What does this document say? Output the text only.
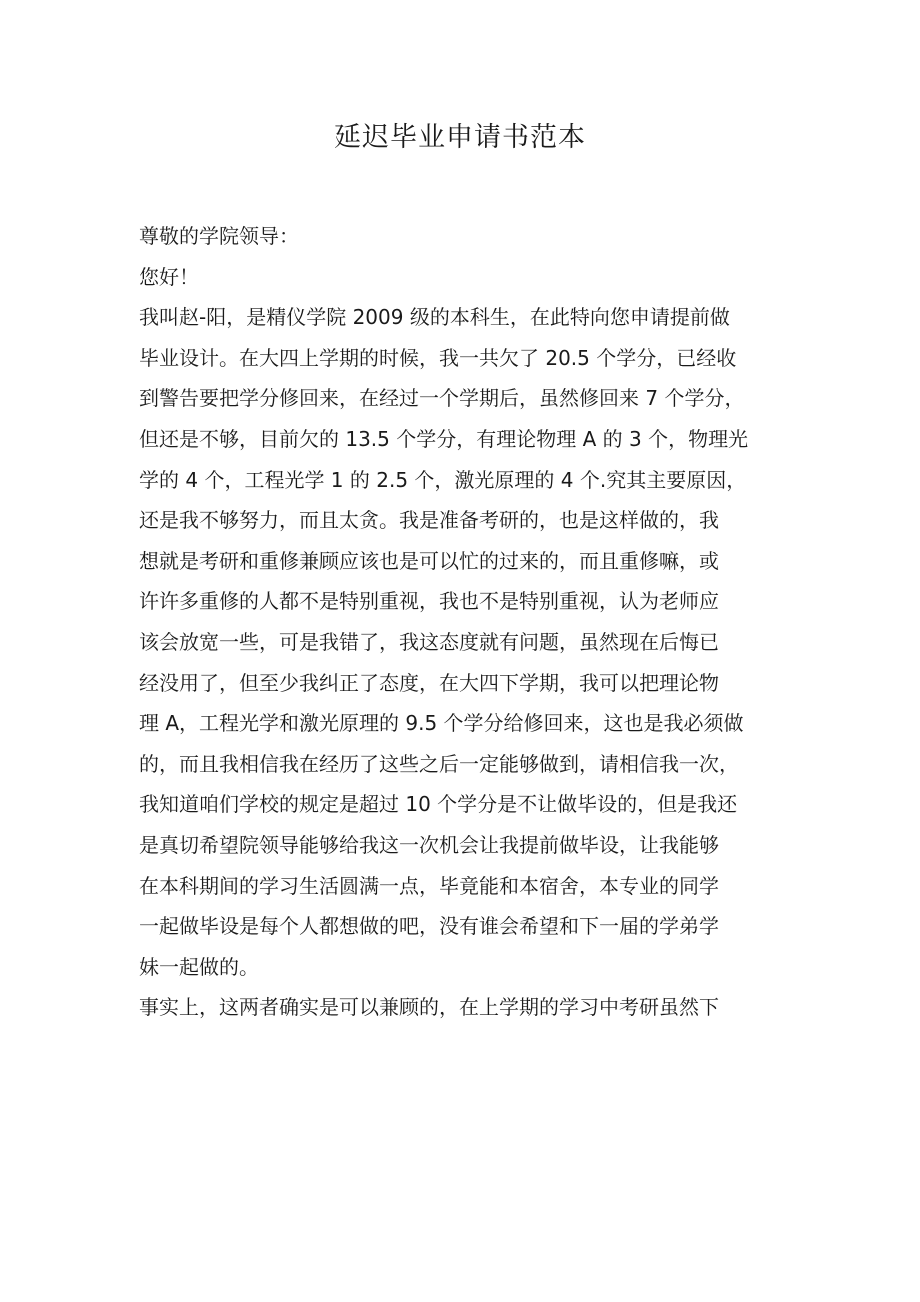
延迟毕业申请书范本
尊敬的学院领导：
您好！
我叫赵-阳，是精仪学院 2009 级的本科生，在此特向您申请提前做
毕业设计。在大四上学期的时候，我一共欠了 20.5 个学分，已经收
到警告要把学分修回来，在经过一个学期后，虽然修回来 7 个学分，
但还是不够，目前欠的 13.5 个学分，有理论物理 A 的 3 个，物理光
学的 4 个，工程光学 1 的 2.5 个，激光原理的 4 个.究其主要原因，
还是我不够努力，而且太贪。我是准备考研的，也是这样做的，我
想就是考研和重修兼顾应该也是可以忙的过来的，而且重修嘛，或
许许多重修的人都不是特别重视，我也不是特别重视，认为老师应
该会放宽一些，可是我错了，我这态度就有问题，虽然现在后悔已
经没用了，但至少我纠正了态度，在大四下学期，我可以把理论物
理 A，工程光学和激光原理的 9.5 个学分给修回来，这也是我必须做
的，而且我相信我在经历了这些之后一定能够做到，请相信我一次，
我知道咱们学校的规定是超过 10 个学分是不让做毕设的，但是我还
是真切希望院领导能够给我这一次机会让我提前做毕设，让我能够
在本科期间的学习生活圆满一点，毕竟能和本宿舍，本专业的同学
一起做毕设是每个人都想做的吧，没有谁会希望和下一届的学弟学
妹一起做的。
事实上，这两者确实是可以兼顾的，在上学期的学习中考研虽然下
